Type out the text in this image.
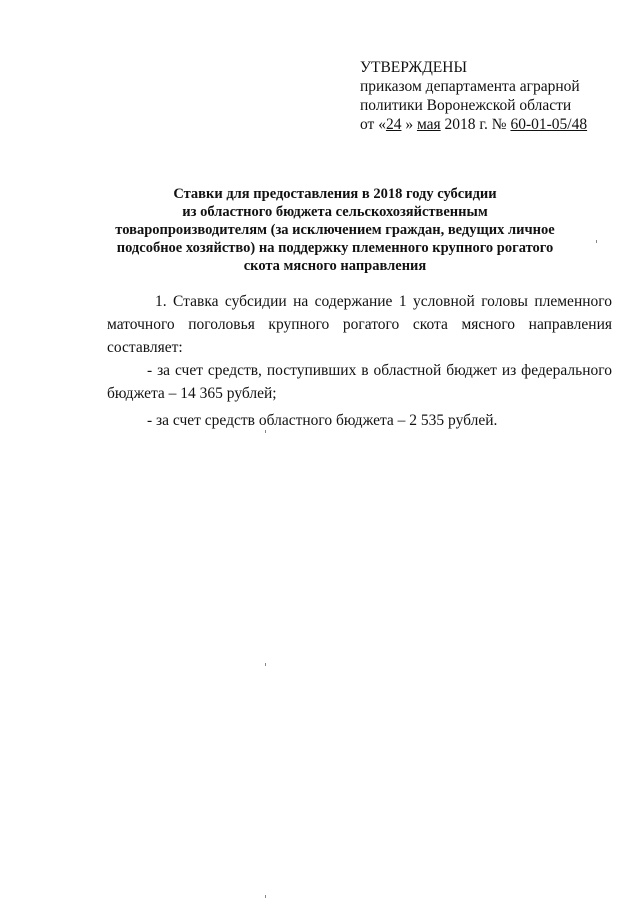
УТВЕРЖДЕНЫ
приказом департамента аграрной
политики Воронежской области
от «24 » мая 2018 г. № 60-01-05/48
Ставки для предоставления в 2018 году субсидии
из областного бюджета сельскохозяйственным
товаропроизводителям (за исключением граждан, ведущих личное
подсобное хозяйство) на поддержку племенного крупного рогатого
скота мясного направления

1. Ставка субсидии на содержание 1 условной головы племенного маточного поголовья крупного рогатого скота мясного направления составляет:

- за счет средств, поступивших в областной бюджет из федерального бюджета – 14 365 рублей;

- за счет средств областного бюджета – 2 535 рублей.
